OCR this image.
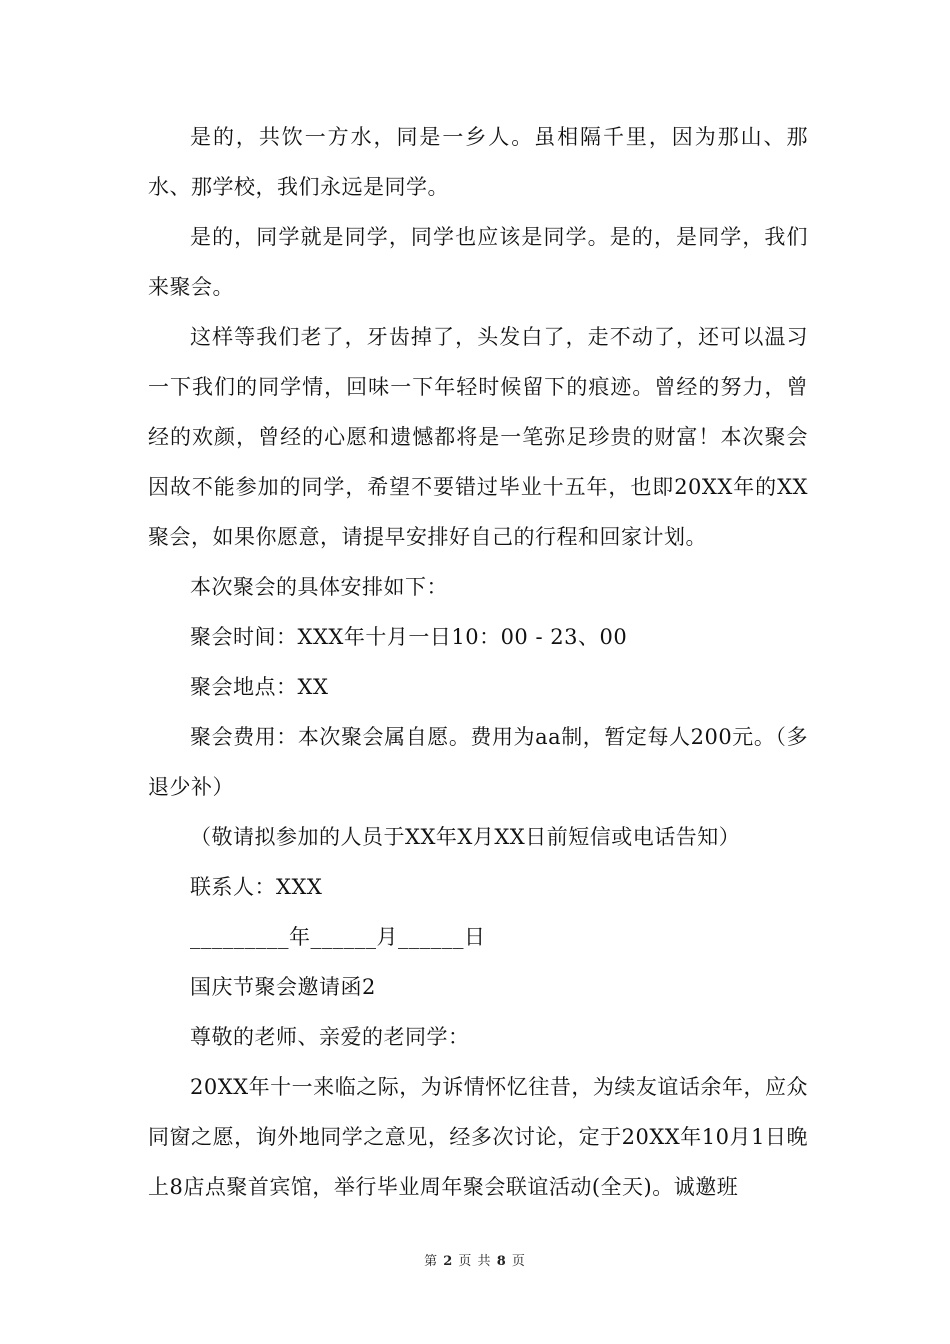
是的，共饮一方水，同是一乡人。虽相隔千里，因为那山、那水、那学校，我们永远是同学。

是的，同学就是同学，同学也应该是同学。是的，是同学，我们来聚会。

这样等我们老了，牙齿掉了，头发白了，走不动了，还可以温习一下我们的同学情，回味一下年轻时候留下的痕迹。曾经的努力，曾经的欢颜，曾经的心愿和遗憾都将是一笔弥足珍贵的财富！本次聚会因故不能参加的同学，希望不要错过毕业十五年，也即20XX年的XX聚会，如果你愿意，请提早安排好自己的行程和回家计划。

本次聚会的具体安排如下：

聚会时间：XXX年十月一日10：00 - 23、00

聚会地点：XX

聚会费用：本次聚会属自愿。费用为aa制，暂定每人200元。（多退少补）

（敬请拟参加的人员于XX年X月XX日前短信或电话告知）

联系人：XXX

_________年______月______日

国庆节聚会邀请函2

尊敬的老师、亲爱的老同学：

20XX年十一来临之际，为诉情怀忆往昔，为续友谊话余年，应众同窗之愿，询外地同学之意见，经多次讨论，定于20XX年10月1日晚上8店点聚首宾馆，举行毕业周年聚会联谊活动(全天)。诚邀班

第 2 页 共 8 页
